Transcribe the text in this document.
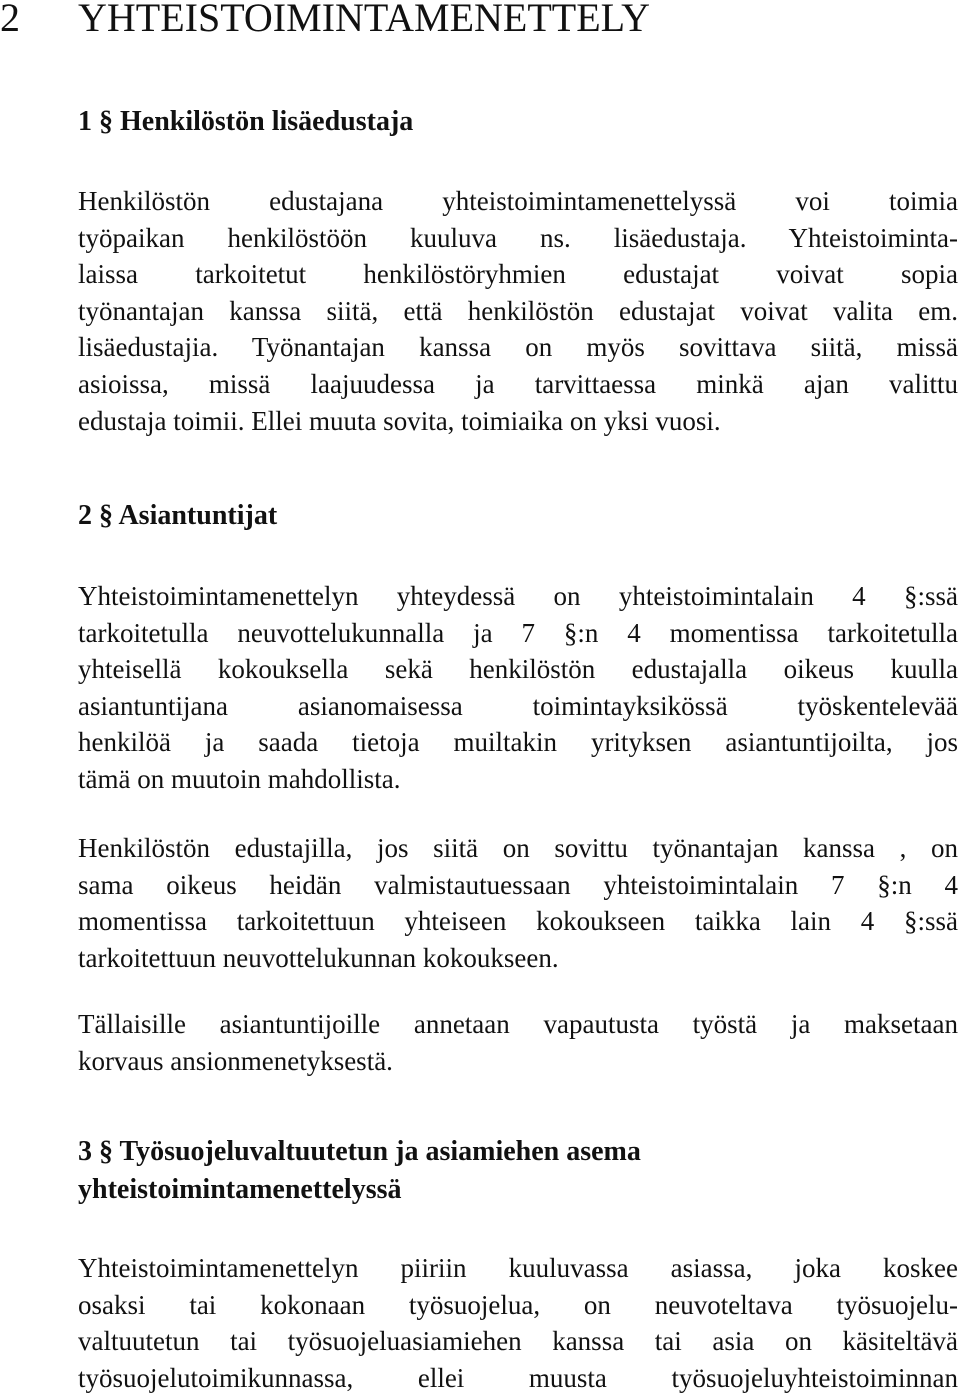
2 YHTEISTOIMINTAMENETTELY
1 § Henkilöstön lisäedustaja

Henkilöstön edustajana yhteistoimintamenettelyssä voi toimia
työpaikan henkilöstöön kuuluva ns. lisäedustaja. Yhteistoiminta-
laissa tarkoitetut henkilöstöryhmien edustajat voivat sopia
työnantajan kanssa siitä, että henkilöstön edustajat voivat valita em.
lisäedustajia. Työnantajan kanssa on myös sovittava siitä, missä
asioissa, missä laajuudessa ja tarvittaessa minkä ajan valittu
edustaja toimii. Ellei muuta sovita, toimiaika on yksi vuosi.

2 § Asiantuntijat

Yhteistoimintamenettelyn yhteydessä on yhteistoimintalain 4 §:ssä
tarkoitetulla neuvottelukunnalla ja 7 §:n 4 momentissa tarkoitetulla
yhteisellä kokouksella sekä henkilöstön edustajalla oikeus kuulla
asiantuntijana asianomaisessa toimintayksikössä työskentelevää
henkilöä ja saada tietoja muiltakin yrityksen asiantuntijoilta, jos
tämä on muutoin mahdollista.

Henkilöstön edustajilla, jos siitä on sovittu työnantajan kanssa , on
sama oikeus heidän valmistautuessaan yhteistoimintalain 7 §:n 4
momentissa tarkoitettuun yhteiseen kokoukseen taikka lain 4 §:ssä
tarkoitettuun neuvottelukunnan kokoukseen.

Tällaisille asiantuntijoille annetaan vapautusta työstä ja maksetaan
korvaus ansionmenetyksestä.

3 § Työsuojeluvaltuutetun ja asiamiehen asema
yhteistoimintamenettelyssä

Yhteistoimintamenettelyn piiriin kuuluvassa asiassa, joka koskee
osaksi tai kokonaan työsuojelua, on neuvoteltava työsuojelu-
valtuutetun tai työsuojeluasiamiehen kanssa tai asia on käsiteltävä
työsuojelutoimikunnassa, ellei muusta työsuojeluyhteistoiminnan
